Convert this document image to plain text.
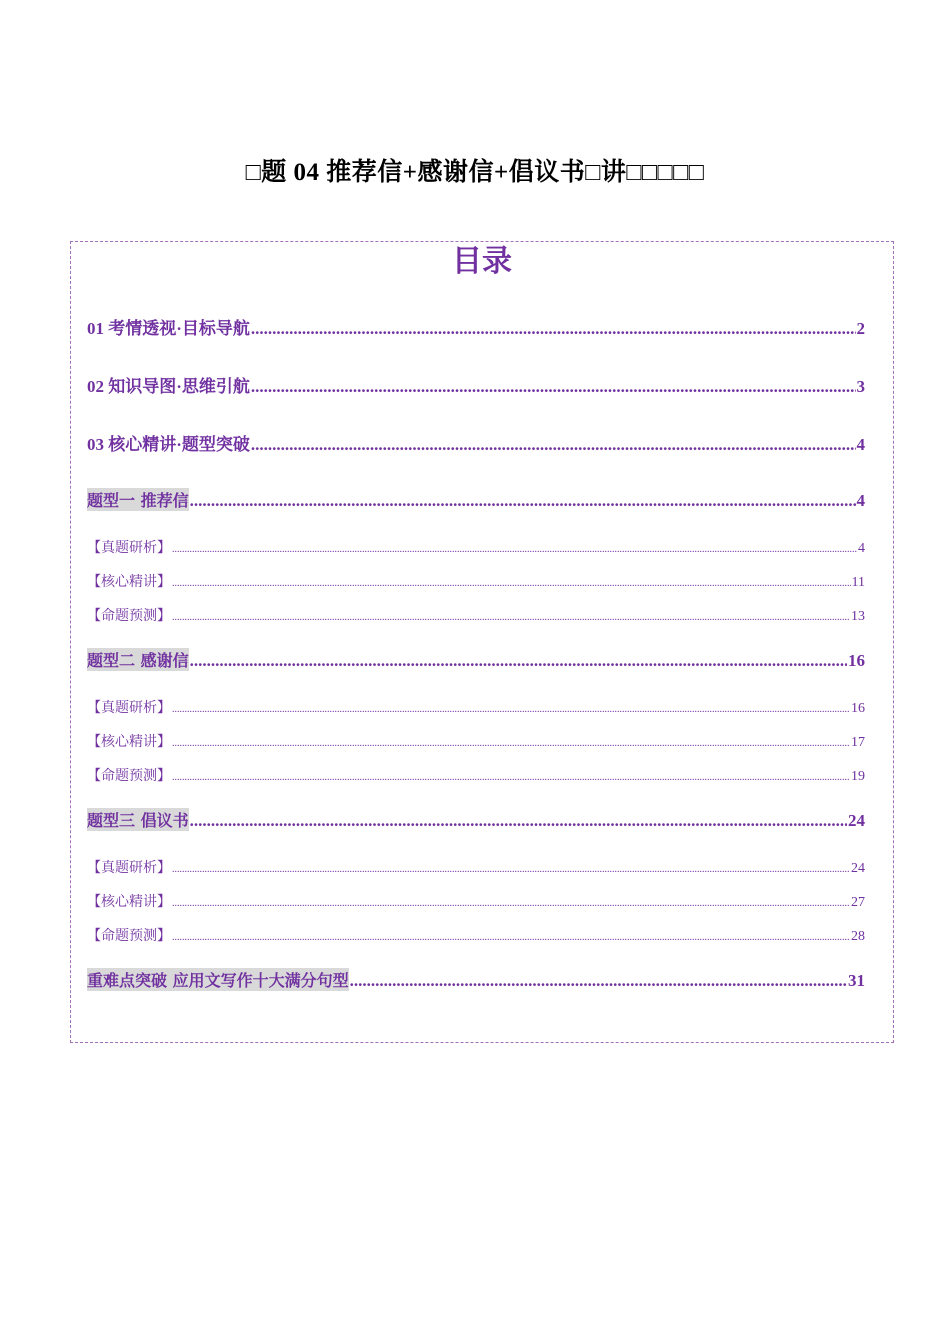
□题 04 推荐信+感谢信+倡议书□讲□□□□□
目录
01 考情透视·目标导航 .....	2
02 知识导图·思维引航 .....	3
03 核心精讲·题型突破 .....	4
题型一 推荐信 .....	4
【真题研析】 .....	4
【核心精讲】 .....	11
【命题预测】 .....	13
题型二 感谢信 .....	16
【真题研析】 .....	16
【核心精讲】 .....	17
【命题预测】 .....	19
题型三 倡议书 .....	24
【真题研析】 .....	24
【核心精讲】 .....	27
【命题预测】 .....	28
重难点突破 应用文写作十大满分句型 .....	31
